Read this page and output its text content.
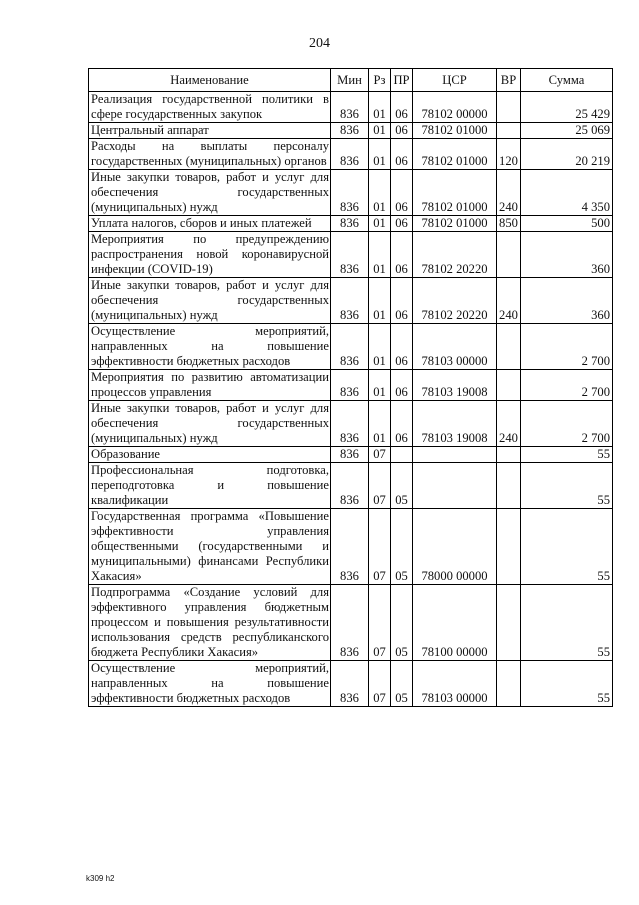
204
Наименование	Мин	Рз	ПР	ЦСР	ВР	Сумма
Реализация государственной политики в сфере государственных закупок	836	01	06	78102 00000		25 429
Центральный аппарат	836	01	06	78102 01000		25 069
Расходы на выплаты персоналу государственных (муниципальных) органов	836	01	06	78102 01000	120	20 219
Иные закупки товаров, работ и услуг для обеспечения государственных (муниципальных) нужд	836	01	06	78102 01000	240	4 350
Уплата налогов, сборов и иных платежей	836	01	06	78102 01000	850	500
Мероприятия по предупреждению распространения новой коронавирусной инфекции (COVID-19)	836	01	06	78102 20220		360
Иные закупки товаров, работ и услуг для обеспечения государственных (муниципальных) нужд	836	01	06	78102 20220	240	360
Осуществление мероприятий, направленных на повышение эффективности бюджетных расходов	836	01	06	78103 00000		2 700
Мероприятия по развитию автоматизации процессов управления	836	01	06	78103 19008		2 700
Иные закупки товаров, работ и услуг для обеспечения государственных (муниципальных) нужд	836	01	06	78103 19008	240	2 700
Образование	836	07				55
Профессиональная подготовка, переподготовка и повышение квалификации	836	07	05			55
Государственная программа «Повышение эффективности управления общественными (государственными и муниципальными) финансами Республики Хакасия»	836	07	05	78000 00000		55
Подпрограмма «Создание условий для эффективного управления бюджетным процессом и повышения результативности использования средств республиканского бюджета Республики Хакасия»	836	07	05	78100 00000		55
Осуществление мероприятий, направленных на повышение эффективности бюджетных расходов	836	07	05	78103 00000		55
k309 h2
